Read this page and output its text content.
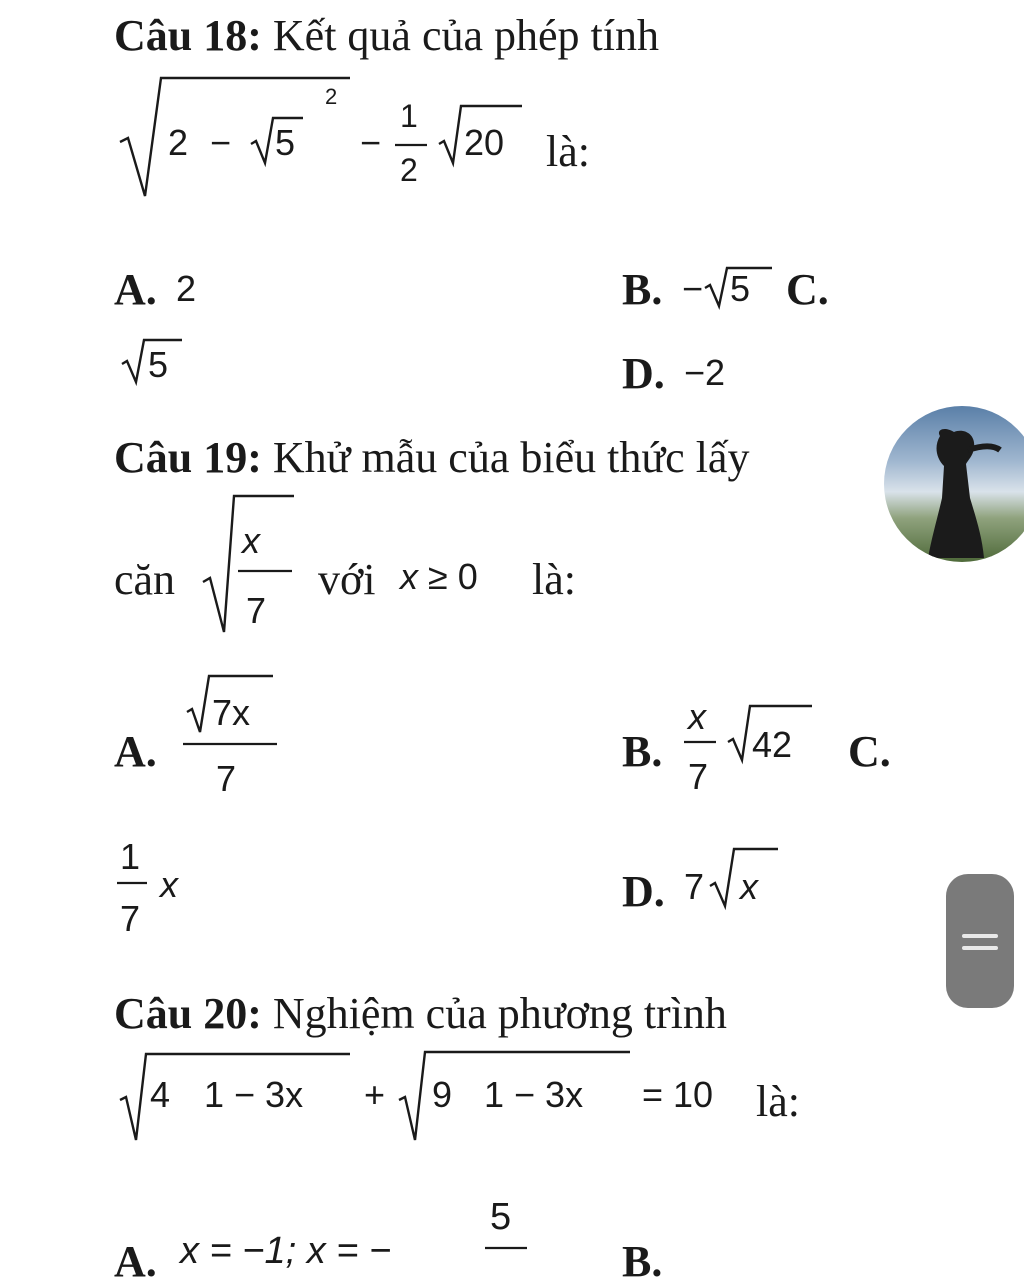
Câu 18: Kết quả của phép tính
2 − 5
2
−
1
2
20 là:
A. 2	B. − 5 C.
5	D. −2
Câu 19: Khử mẫu của biểu thức lấy
căn
x
7
với x ≥ 0 là:
A.
7x
7
B.
x
7
42 C.
1
7
x	D. 7 x
Câu 20: Nghiệm của phương trình
4 1 − 3x + 9 1 − 3x = 10 là:
A. x = −1; x = −
5
B.
